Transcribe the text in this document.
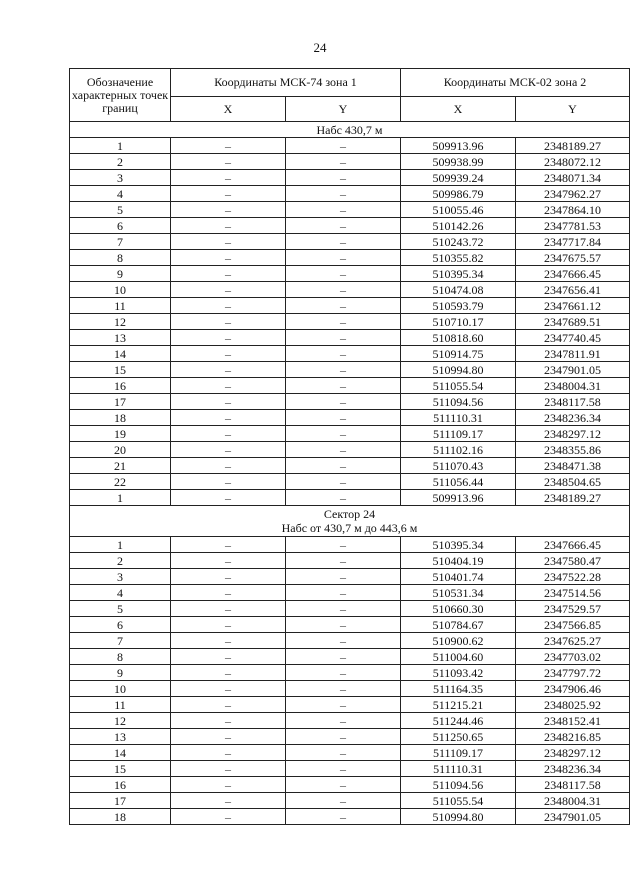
24
Обозначение характерных точек границ	Координаты МСК-74 зона 1		Координаты МСК-02 зона 2	
	X	Y	X	Y

Набс 430,7 м				

1	–	–	509913.96	2348189.27
2	–	–	509938.99	2348072.12
3	–	–	509939.24	2348071.34
4	–	–	509986.79	2347962.27
5	–	–	510055.46	2347864.10
6	–	–	510142.26	2347781.53
7	–	–	510243.72	2347717.84
8	–	–	510355.82	2347675.57
9	–	–	510395.34	2347666.45
10	–	–	510474.08	2347656.41
11	–	–	510593.79	2347661.12
12	–	–	510710.17	2347689.51
13	–	–	510818.60	2347740.45
14	–	–	510914.75	2347811.91
15	–	–	510994.80	2347901.05
16	–	–	511055.54	2348004.31
17	–	–	511094.56	2348117.58
18	–	–	511110.31	2348236.34
19	–	–	511109.17	2348297.12
20	–	–	511102.16	2348355.86
21	–	–	511070.43	2348471.38
22	–	–	511056.44	2348504.65
1	–	–	509913.96	2348189.27

Сектор 24
Набс от 430,7 м до 443,6 м				

1	–	–	510395.34	2347666.45
2	–	–	510404.19	2347580.47
3	–	–	510401.74	2347522.28
4	–	–	510531.34	2347514.56
5	–	–	510660.30	2347529.57
6	–	–	510784.67	2347566.85
7	–	–	510900.62	2347625.27
8	–	–	511004.60	2347703.02
9	–	–	511093.42	2347797.72
10	–	–	511164.35	2347906.46
11	–	–	511215.21	2348025.92
12	–	–	511244.46	2348152.41
13	–	–	511250.65	2348216.85
14	–	–	511109.17	2348297.12
15	–	–	511110.31	2348236.34
16	–	–	511094.56	2348117.58
17	–	–	511055.54	2348004.31
18	–	–	510994.80	2347901.05
